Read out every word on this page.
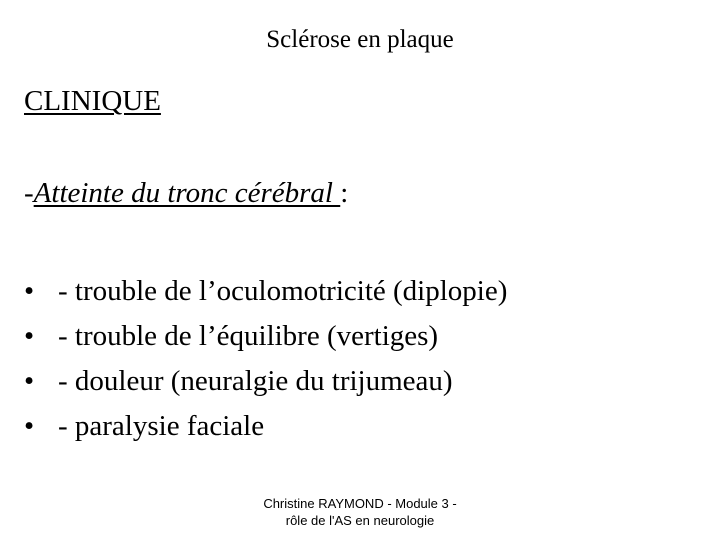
Sclérose en plaque
CLINIQUE
-Atteinte du tronc cérébral :
• - trouble de l’oculomotricité (diplopie)
• - trouble de l’équilibre (vertiges)
• - douleur (neuralgie du trijumeau)
• - paralysie faciale
Christine RAYMOND - Module 3 -
rôle de l'AS en neurologie
